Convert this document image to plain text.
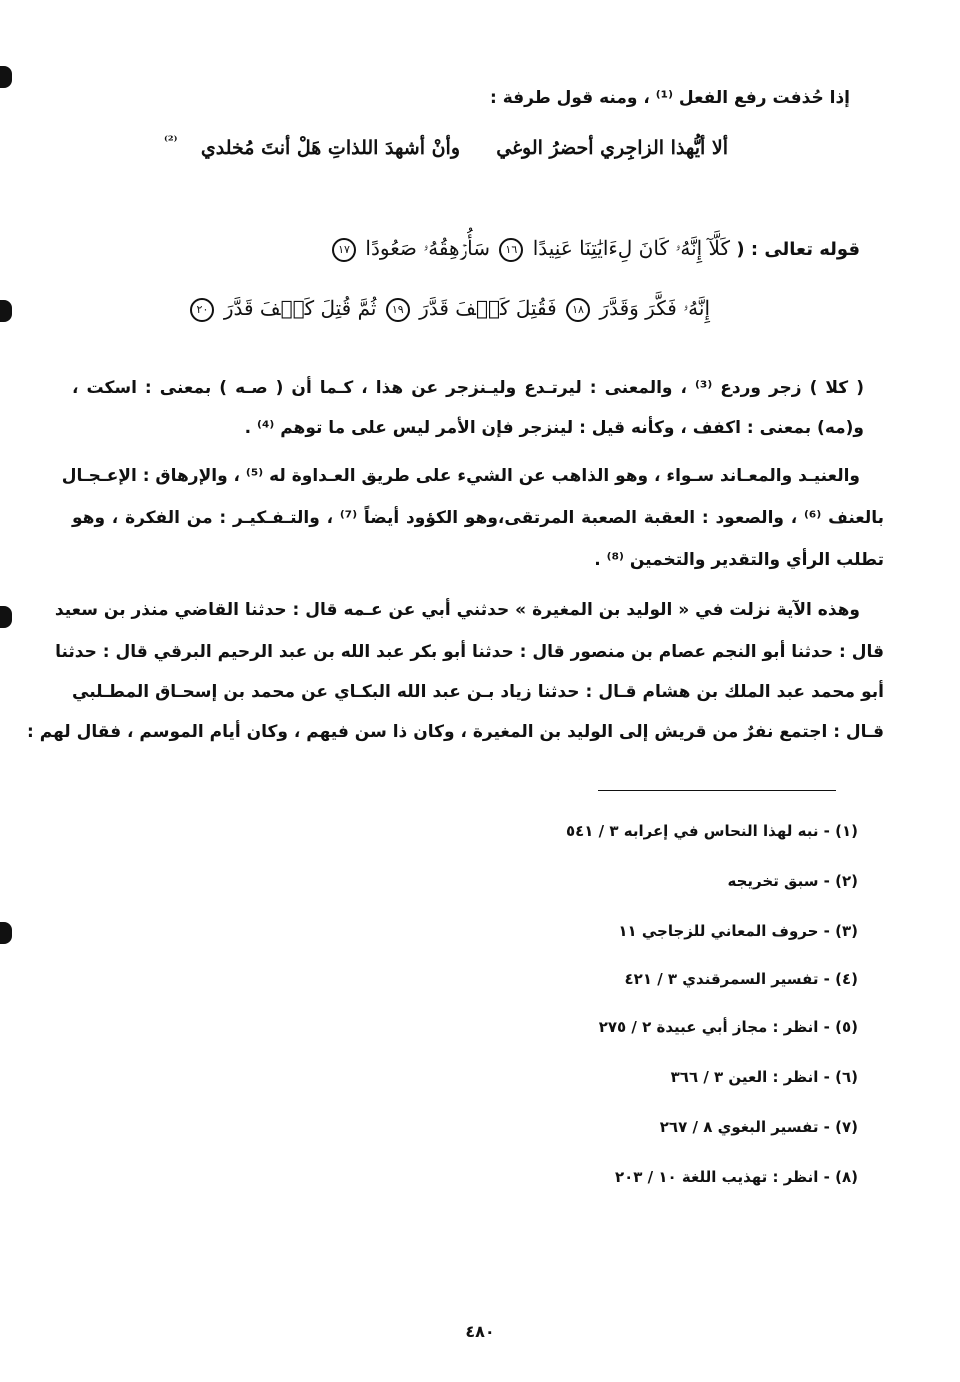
إذا حُذفت رفع الفعل ⁽¹⁾ ، ومنه قول طرفة :
ألا أيُّهذا الزاجِري أحضرُ الوغي
وأنْ أشهدَ اللذاتِ هَلْ أنتَ مُخلدي
⁽²⁾
قوله تعالى : ( كَلَّآ إِنَّهُۥ كَانَ لِءَايَٰتِنَا عَنِيدًا ١٦ سَأُرۡهِقُهُۥ صَعُودًا ١٧
إِنَّهُۥ فَكَّرَ وَقَدَّرَ ١٨ فَقُتِلَ كَيۡفَ قَدَّرَ ١٩ ثُمَّ قُتِلَ كَيۡفَ قَدَّرَ ٢٠
( كلا ) زجر وردع ⁽³⁾ ، والمعنى : ليرتـدع وليـنزجر عن هذا ، كـما أن ( صـه ) بمعنى : اسكت ،
و(مه) بمعنى : اكفف ، وكأنه قيل : لينزجر فإن الأمر ليس على ما توهم ⁽⁴⁾ .
والعنيـد والمعـاند سـواء ، وهو الذاهب عن الشيء على طريق العـداوة له ⁽⁵⁾ ، والإرهاق : الإعـجـال
بالعنف ⁽⁶⁾ ، والصعود : العقبة الصعبة المرتقى،وهو الكؤود أيضاً ⁽⁷⁾ ، والتـفـكيـر : من الفكرة ، وهو
تطلب الرأي والتقدير والتخمين ⁽⁸⁾ .
وهذه الآية نزلت في « الوليد بن المغيرة » حدثني أبي عن عـمه قال : حدثنا القاضي منذر بن سعيد
قال : حدثنا أبو النجم عصام بن منصور قال : حدثنا أبو بكر عبد الله بن عبد الرحيم البرقي قال : حدثنا
أبو محمد عبد الملك بن هشام قـال : حدثنا زياد بـن عبد الله البكـاي عن محمد بن إسحـاق المطـلبي
قـال : اجتمع نفرٌ من قريش إلى الوليد بن المغيرة ، وكان ذا سن فيهم ، وكان أيام الموسم ، فقال لهم :
(١) - نبه لهذا النحاس في إعرابه ٣ / ٥٤١
(٢) - سبق تخريجه
(٣) - حروف المعاني للزجاجي ١١
(٤) - تفسير السمرقندي ٣ / ٤٢١
(٥) - انظر : مجاز أبي عبيدة ٢ / ٢٧٥
(٦) - انظر : العين ٣ / ٣٦٦
(٧) - تفسير البغوي ٨ / ٢٦٧
(٨) - انظر : تهذيب اللغة ١٠ / ٢٠٣
٤٨٠
